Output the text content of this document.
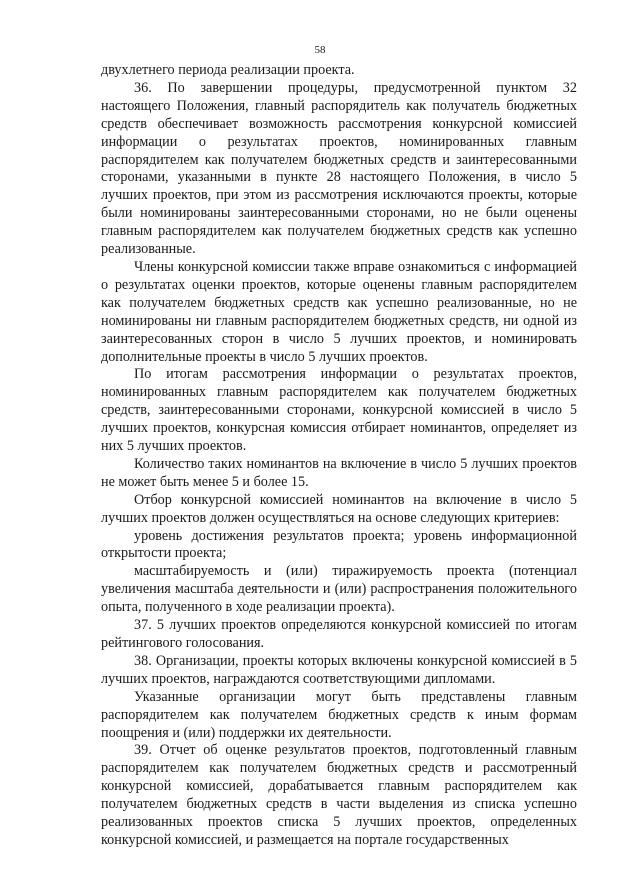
58

двухлетнего периода реализации проекта.

36. По завершении процедуры, предусмотренной пунктом 32 настоящего Положения, главный распорядитель как получатель бюджетных средств обеспечивает возможность рассмотрения конкурсной комиссией информации о результатах проектов, номинированных главным распорядителем как получателем бюджетных средств и заинтересованными сторонами, указанными в пункте 28 настоящего Положения, в число 5 лучших проектов, при этом из рассмотрения исключаются проекты, которые были номинированы заинтересованными сторонами, но не были оценены главным распорядителем как получателем бюджетных средств как успешно реализованные.

Члены конкурсной комиссии также вправе ознакомиться с информацией о результатах оценки проектов, которые оценены главным распорядителем как получателем бюджетных средств как успешно реализованные, но не номинированы ни главным распорядителем бюджетных средств, ни одной из заинтересованных сторон в число 5 лучших проектов, и номинировать дополнительные проекты в число 5 лучших проектов.

По итогам рассмотрения информации о результатах проектов, номинированных главным распорядителем как получателем бюджетных средств, заинтересованными сторонами, конкурсной комиссией в число 5 лучших проектов, конкурсная комиссия отбирает номинантов, определяет из них 5 лучших проектов.

Количество таких номинантов на включение в число 5 лучших проектов не может быть менее 5 и более 15.

Отбор конкурсной комиссией номинантов на включение в число 5 лучших проектов должен осуществляться на основе следующих критериев:

уровень достижения результатов проекта; уровень информационной открытости проекта;

масштабируемость и (или) тиражируемость проекта (потенциал увеличения масштаба деятельности и (или) распространения положительного опыта, полученного в ходе реализации проекта).

37. 5 лучших проектов определяются конкурсной комиссией по итогам рейтингового голосования.

38. Организации, проекты которых включены конкурсной комиссией в 5 лучших проектов, награждаются соответствующими дипломами.

Указанные организации могут быть представлены главным распорядителем как получателем бюджетных средств к иным формам поощрения и (или) поддержки их деятельности.

39. Отчет об оценке результатов проектов, подготовленный главным распорядителем как получателем бюджетных средств и рассмотренный конкурсной комиссией, дорабатывается главным распорядителем как получателем бюджетных средств в части выделения из списка успешно реализованных проектов списка 5 лучших проектов, определенных конкурсной комиссией, и размещается на портале государственных
